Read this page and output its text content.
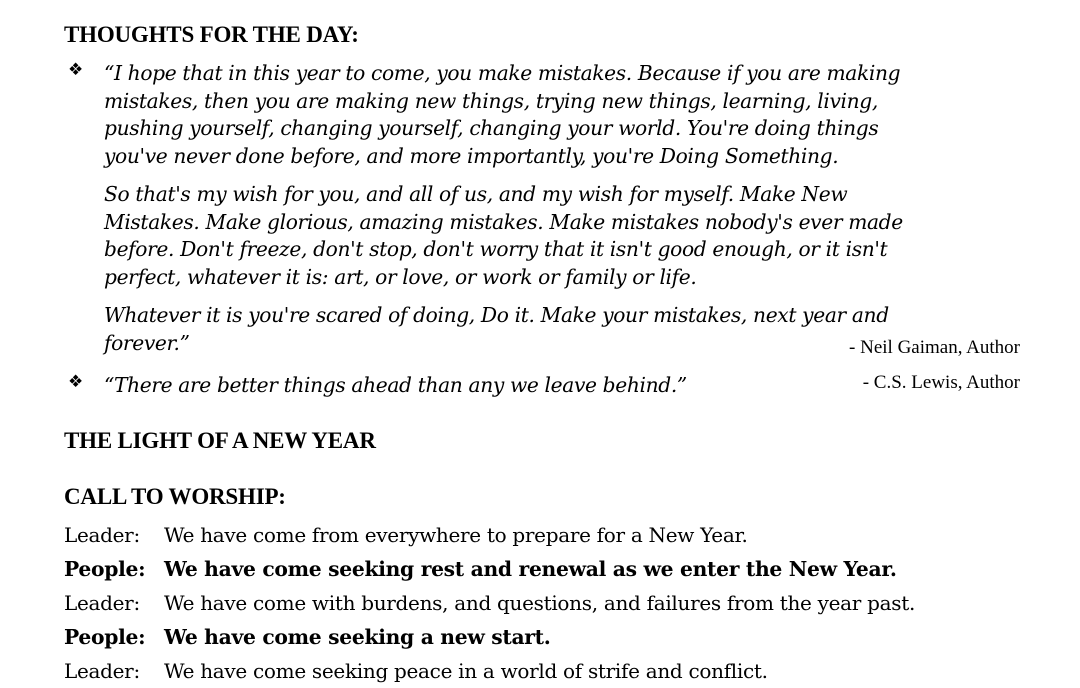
THOUGHTS FOR THE DAY:
❖ “I hope that in this year to come, you make mistakes. Because if you are making

mistakes, then you are making new things, trying new things, learning, living,

pushing yourself, changing yourself, changing your world. You're doing things

you've never done before, and more importantly, you're Doing Something.

So that's my wish for you, and all of us, and my wish for myself. Make New

Mistakes. Make glorious, amazing mistakes. Make mistakes nobody's ever made

before. Don't freeze, don't stop, don't worry that it isn't good enough, or it isn't

perfect, whatever it is: art, or love, or work or family or life.

Whatever it is you're scared of doing, Do it. Make your mistakes, next year and

forever.”	- Neil Gaiman, Author
❖ “There are better things ahead than any we leave behind.”	- C.S. Lewis, Author
THE LIGHT OF A NEW YEAR
CALL TO WORSHIP:
Leader: We have come from everywhere to prepare for a New Year.
People: We have come seeking rest and renewal as we enter the New Year.
Leader: We have come with burdens, and questions, and failures from the year past.
People: We have come seeking a new start.
Leader: We have come seeking peace in a world of strife and conflict.
